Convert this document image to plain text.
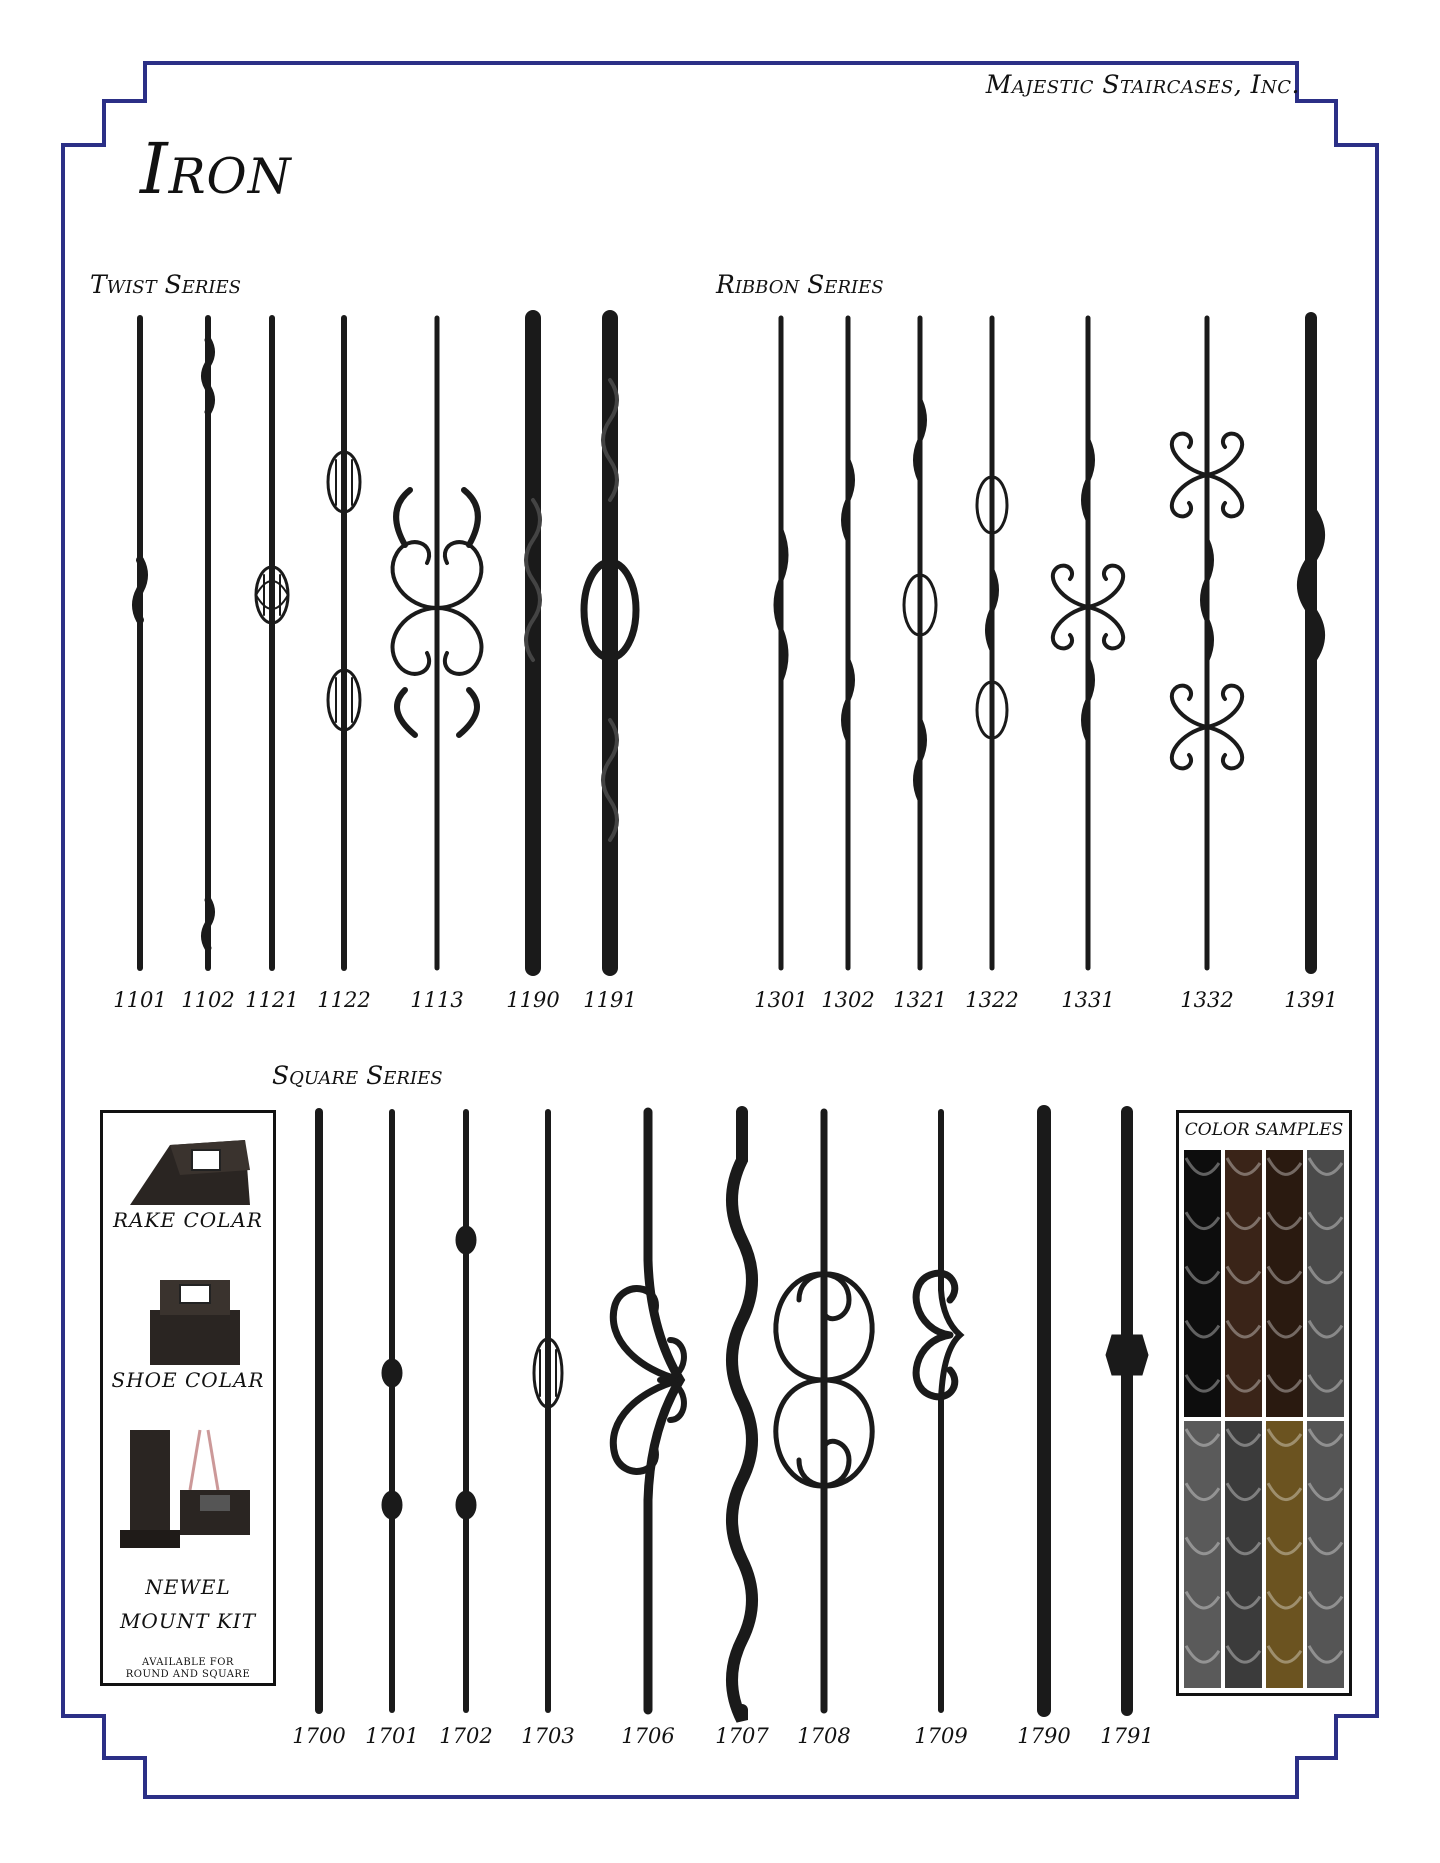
Majestic Staircases, Inc.
Iron
Twist Series	Ribbon Series
Square Series
1101 1102 1121 1122	1113	1190	1191	1301 1302 1321 1322	1331	1332	1391
1700 1701 1702	1703	1706	1707	1708	1709	1790	1791
RAKE COLAR
SHOE COLAR
NEWEL
MOUNT KIT
AVAILABLE FOR
ROUND AND SQUARE
COLOR SAMPLES
